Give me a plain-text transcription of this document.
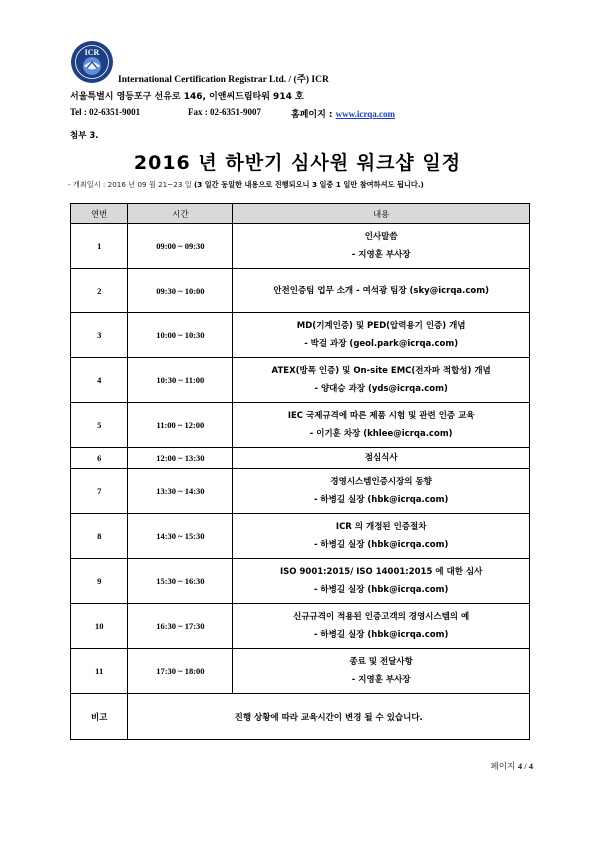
ICR
International Certification Registrar Ltd. / (주) ICR
서울특별시 영등포구 선유로 146, 이앤씨드림타워 914 호
Tel : 02-6351-9001	Fax : 02-6351-9007	홈페이지 : www.icrqa.com
첨부 3.
2016 년 하반기 심사원 워크샵 일정
- 개최일시 : 2016 년 09 월 21~23 일 (3 일간 동일한 내용으로 진행되오니 3 일중 1 일만 참여하셔도 됩니다.)
연번	시간	내용
1	09:00 ~ 09:30	인사말씀
- 지영훈 부사장

2	09:30 ~ 10:00	안전인증팀 업무 소개 - 여석광 팀장 (sky@icrqa.com)

3	10:00 ~ 10:30	MD(기계인증) 및 PED(압력용기 인증) 개념
- 박걸 과장 (geol.park@icrqa.com)

4	10:30 ~ 11:00	ATEX(방폭 인증) 및 On-site EMC(전자파 적합성) 개념
- 양대승 과장 (yds@icrqa.com)

5	11:00 ~ 12:00	IEC 국제규격에 따른 제품 시험 및 관련 인증 교육
- 이기훈 차장 (khlee@icrqa.com)

6	12:00 ~ 13:30	점심식사

7	13:30 ~ 14:30	경영시스템인증시장의 동향
- 하병길 실장 (hbk@icrqa.com)

8	14:30 ~ 15:30	ICR 의 개정된 인증절차
- 하병길 실장 (hbk@icrqa.com)

9	15:30 ~ 16:30	ISO 9001:2015/ ISO 14001:2015 에 대한 심사
- 하병길 실장 (hbk@icrqa.com)

10	16:30 ~ 17:30	신규규격이 적용된 인증고객의 경영시스템의 예
- 하병길 실장 (hbk@icrqa.com)

11	17:30 ~ 18:00	종료 및 전달사항
- 지영훈 부사장

비고	진행 상황에 따라 교육시간이 변경 될 수 있습니다.	
페이지 4 / 4
